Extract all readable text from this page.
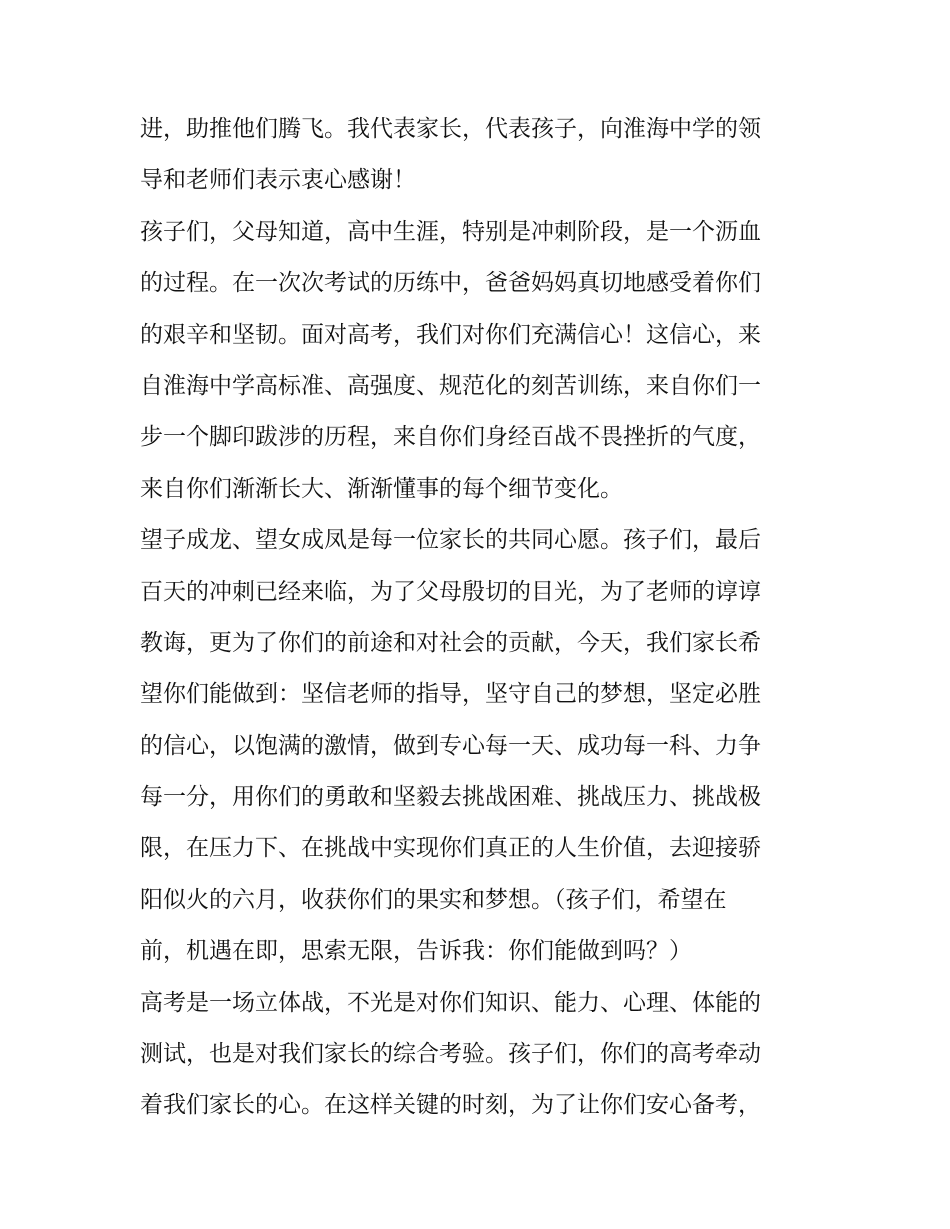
进，助推他们腾飞。我代表家长，代表孩子，向淮海中学的领
导和老师们表示衷心感谢！
孩子们，父母知道，高中生涯，特别是冲刺阶段，是一个沥血
的过程。在一次次考试的历练中，爸爸妈妈真切地感受着你们
的艰辛和坚韧。面对高考，我们对你们充满信心！这信心，来
自淮海中学高标准、高强度、规范化的刻苦训练，来自你们一
步一个脚印跋涉的历程，来自你们身经百战不畏挫折的气度，
来自你们渐渐长大、渐渐懂事的每个细节变化。
望子成龙、望女成凤是每一位家长的共同心愿。孩子们，最后
百天的冲刺已经来临，为了父母殷切的目光，为了老师的谆谆
教诲，更为了你们的前途和对社会的贡献，今天，我们家长希
望你们能做到：坚信老师的指导，坚守自己的梦想，坚定必胜
的信心，以饱满的激情，做到专心每一天、成功每一科、力争
每一分，用你们的勇敢和坚毅去挑战困难、挑战压力、挑战极
限，在压力下、在挑战中实现你们真正的人生价值，去迎接骄
阳似火的六月，收获你们的果实和梦想。（孩子们，希望在
前，机遇在即，思索无限，告诉我：你们能做到吗？）
高考是一场立体战，不光是对你们知识、能力、心理、体能的
测试，也是对我们家长的综合考验。孩子们，你们的高考牵动
着我们家长的心。在这样关键的时刻，为了让你们安心备考，
